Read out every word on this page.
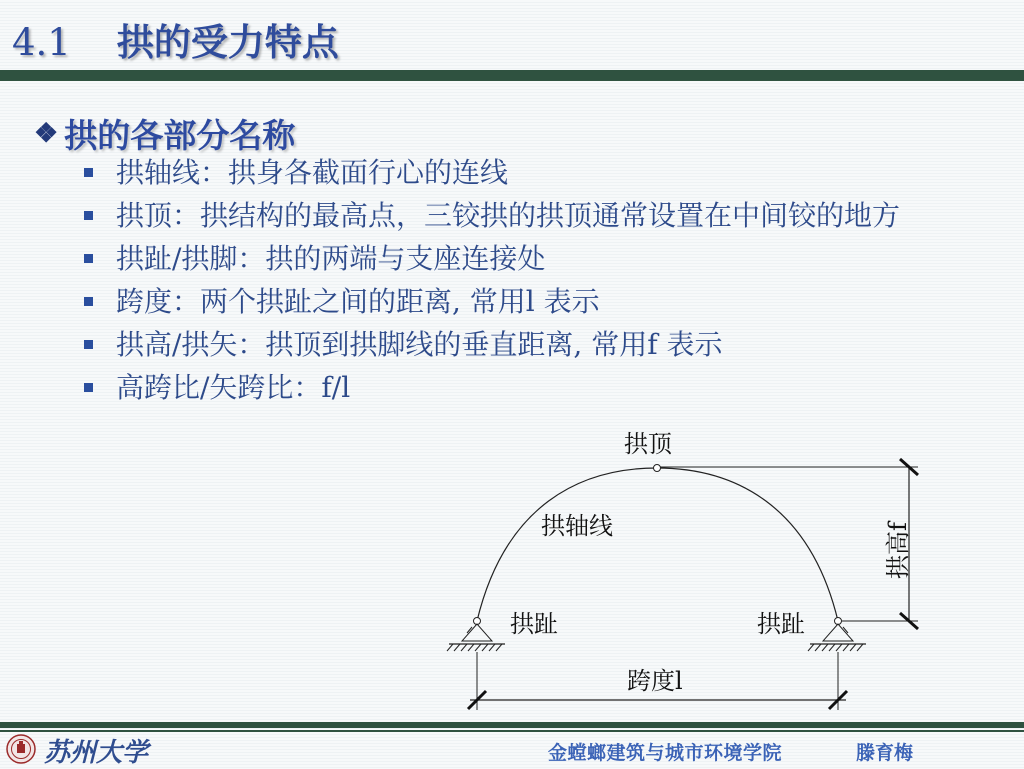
4.1 拱的受力特点
❖ 拱的各部分名称
拱轴线：拱身各截面行心的连线
拱顶：拱结构的最高点，三铰拱的拱顶通常设置在中间铰的地方
拱趾/拱脚：拱的两端与支座连接处
跨度：两个拱趾之间的距离, 常用l 表示
拱高/拱矢：拱顶到拱脚线的垂直距离, 常用f 表示
高跨比/矢跨比：f/l
拱顶
拱轴线
拱趾	拱趾
跨度l
拱高f
苏州大学	金螳螂建筑与城市环境学院	滕育梅
